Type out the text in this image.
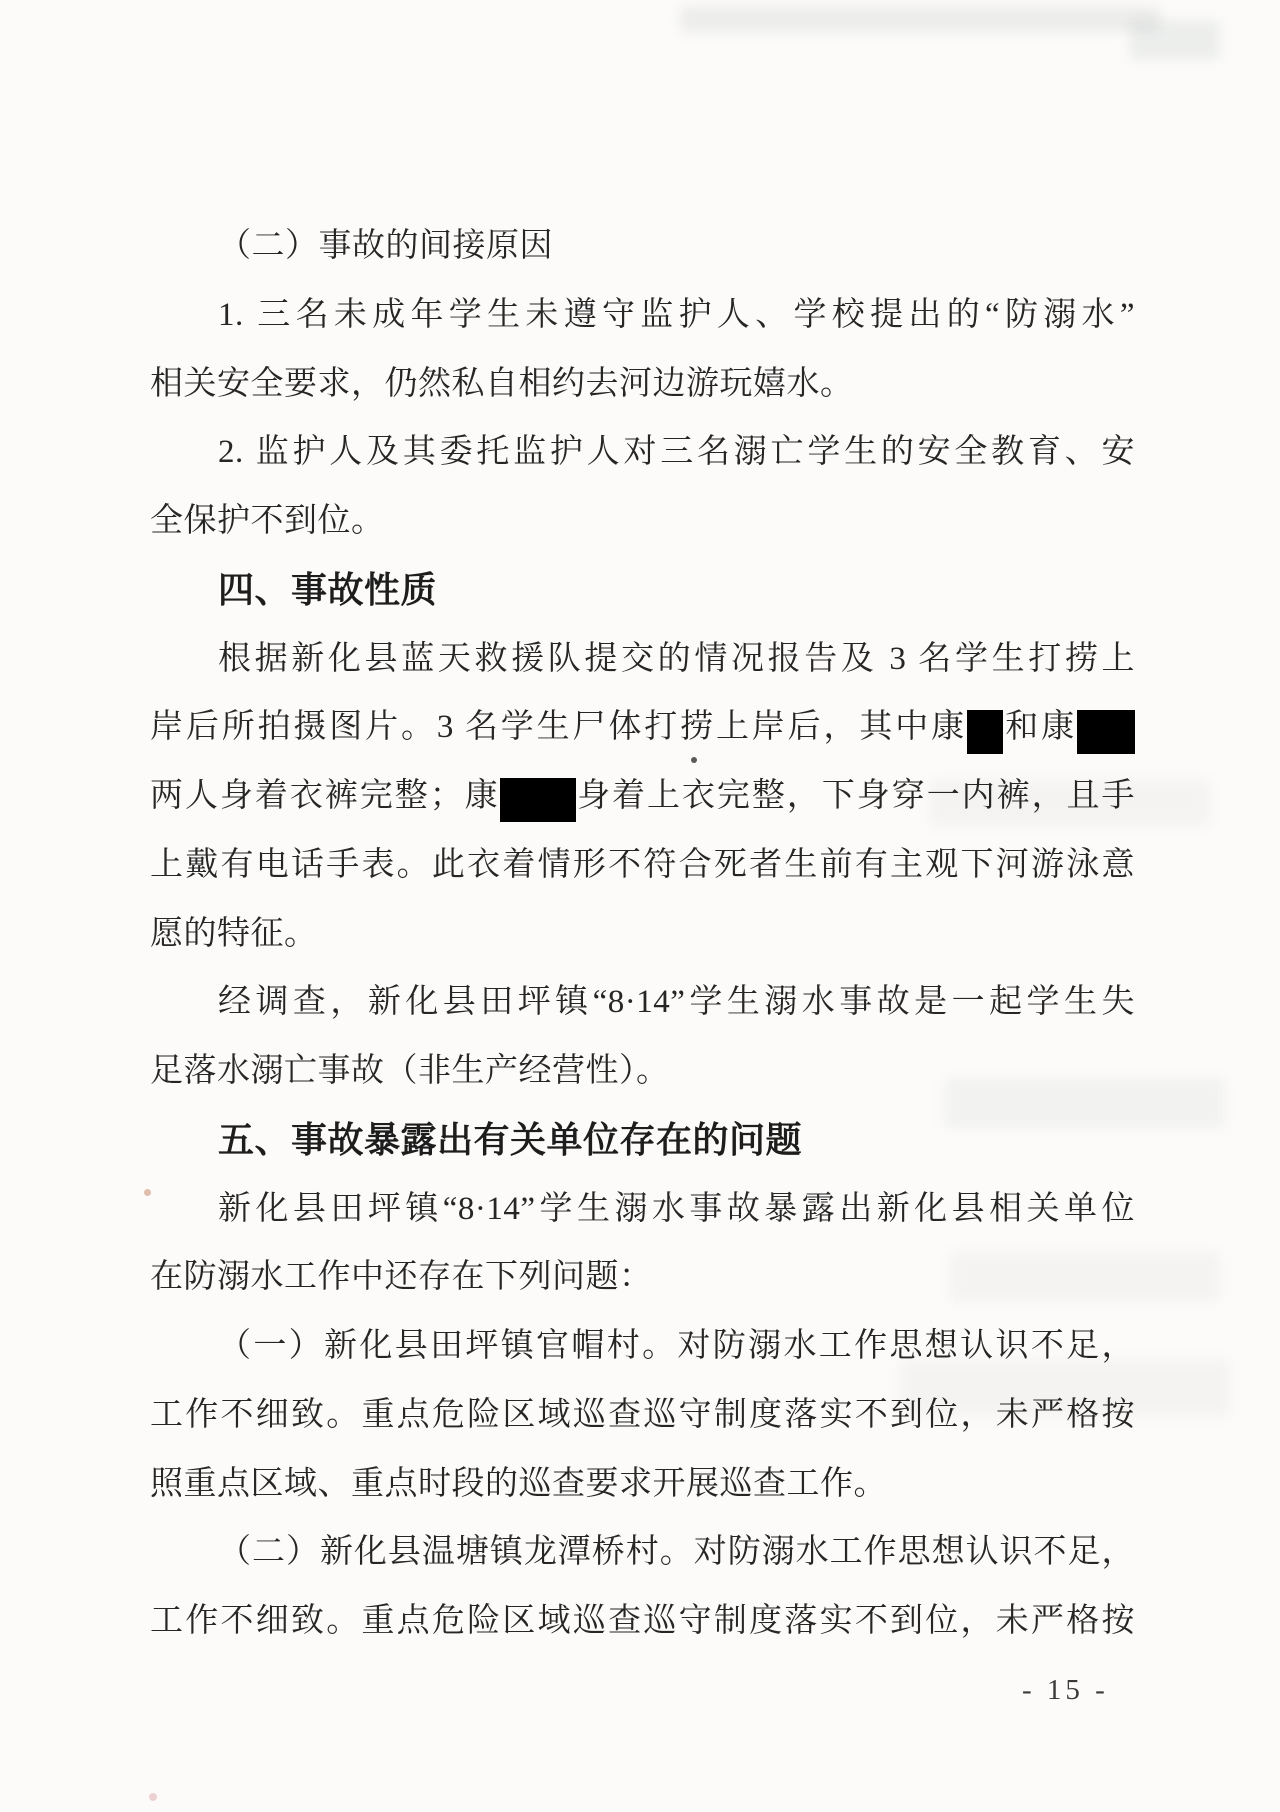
（二）事故的间接原因
1. 三名未成年学生未遵守监护人、学校提出的“防溺水”
相关安全要求，仍然私自相约去河边游玩嬉水。
2. 监护人及其委托监护人对三名溺亡学生的安全教育、安
全保护不到位。
四、事故性质
根据新化县蓝天救援队提交的情况报告及 3 名学生打捞上
岸后所拍摄图片。3 名学生尸体打捞上岸后，其中康 和康
两人身着衣裤完整；康 身着上衣完整，下身穿一内裤，且手
上戴有电话手表。此衣着情形不符合死者生前有主观下河游泳意
愿的特征。
经调查，新化县田坪镇“8·14”学生溺水事故是一起学生失
足落水溺亡事故（非生产经营性）。
五、事故暴露出有关单位存在的问题
新化县田坪镇“8·14”学生溺水事故暴露出新化县相关单位
在防溺水工作中还存在下列问题：
（一）新化县田坪镇官帽村。对防溺水工作思想认识不足，
工作不细致。重点危险区域巡查巡守制度落实不到位，未严格按
照重点区域、重点时段的巡查要求开展巡查工作。
（二）新化县温塘镇龙潭桥村。对防溺水工作思想认识不足，
工作不细致。重点危险区域巡查巡守制度落实不到位，未严格按
- 15 -
